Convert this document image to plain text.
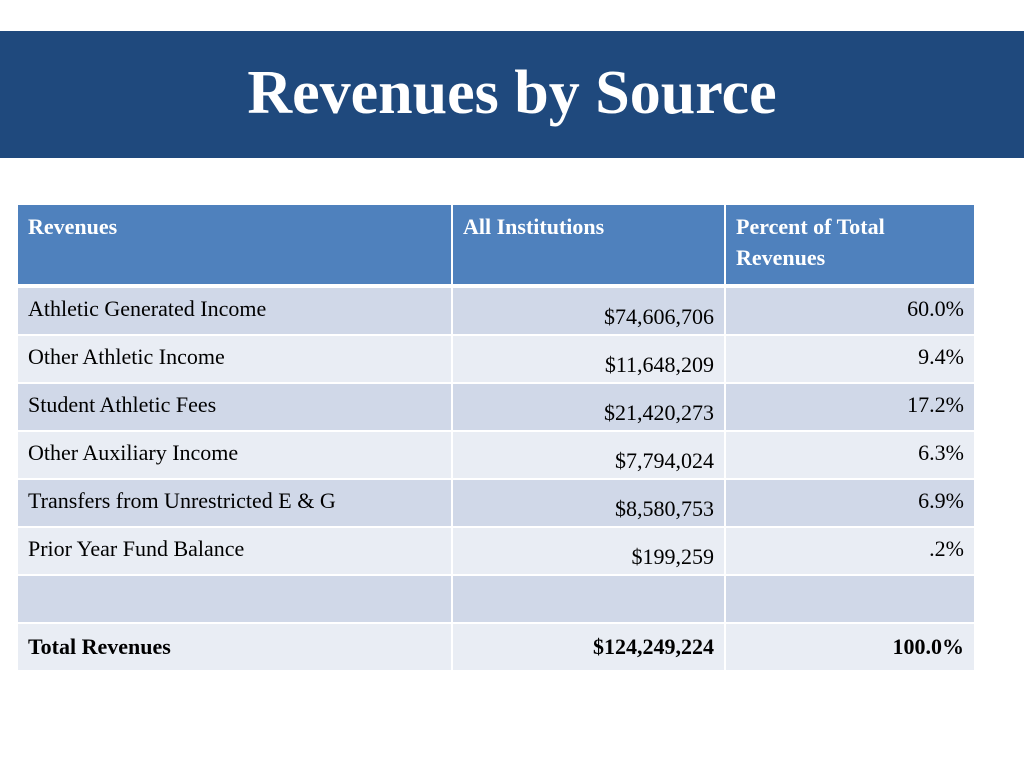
Revenues by Source
Revenues	All Institutions	Percent of Total Revenues
Athletic Generated Income	$74,606,706	60.0%
Other Athletic Income	$11,648,209	9.4%
Student Athletic Fees	$21,420,273	17.2%
Other Auxiliary Income	$7,794,024	6.3%
Transfers from Unrestricted E & G	$8,580,753	6.9%
Prior Year Fund Balance	$199,259	.2%

Total Revenues	$124,249,224	100.0%
